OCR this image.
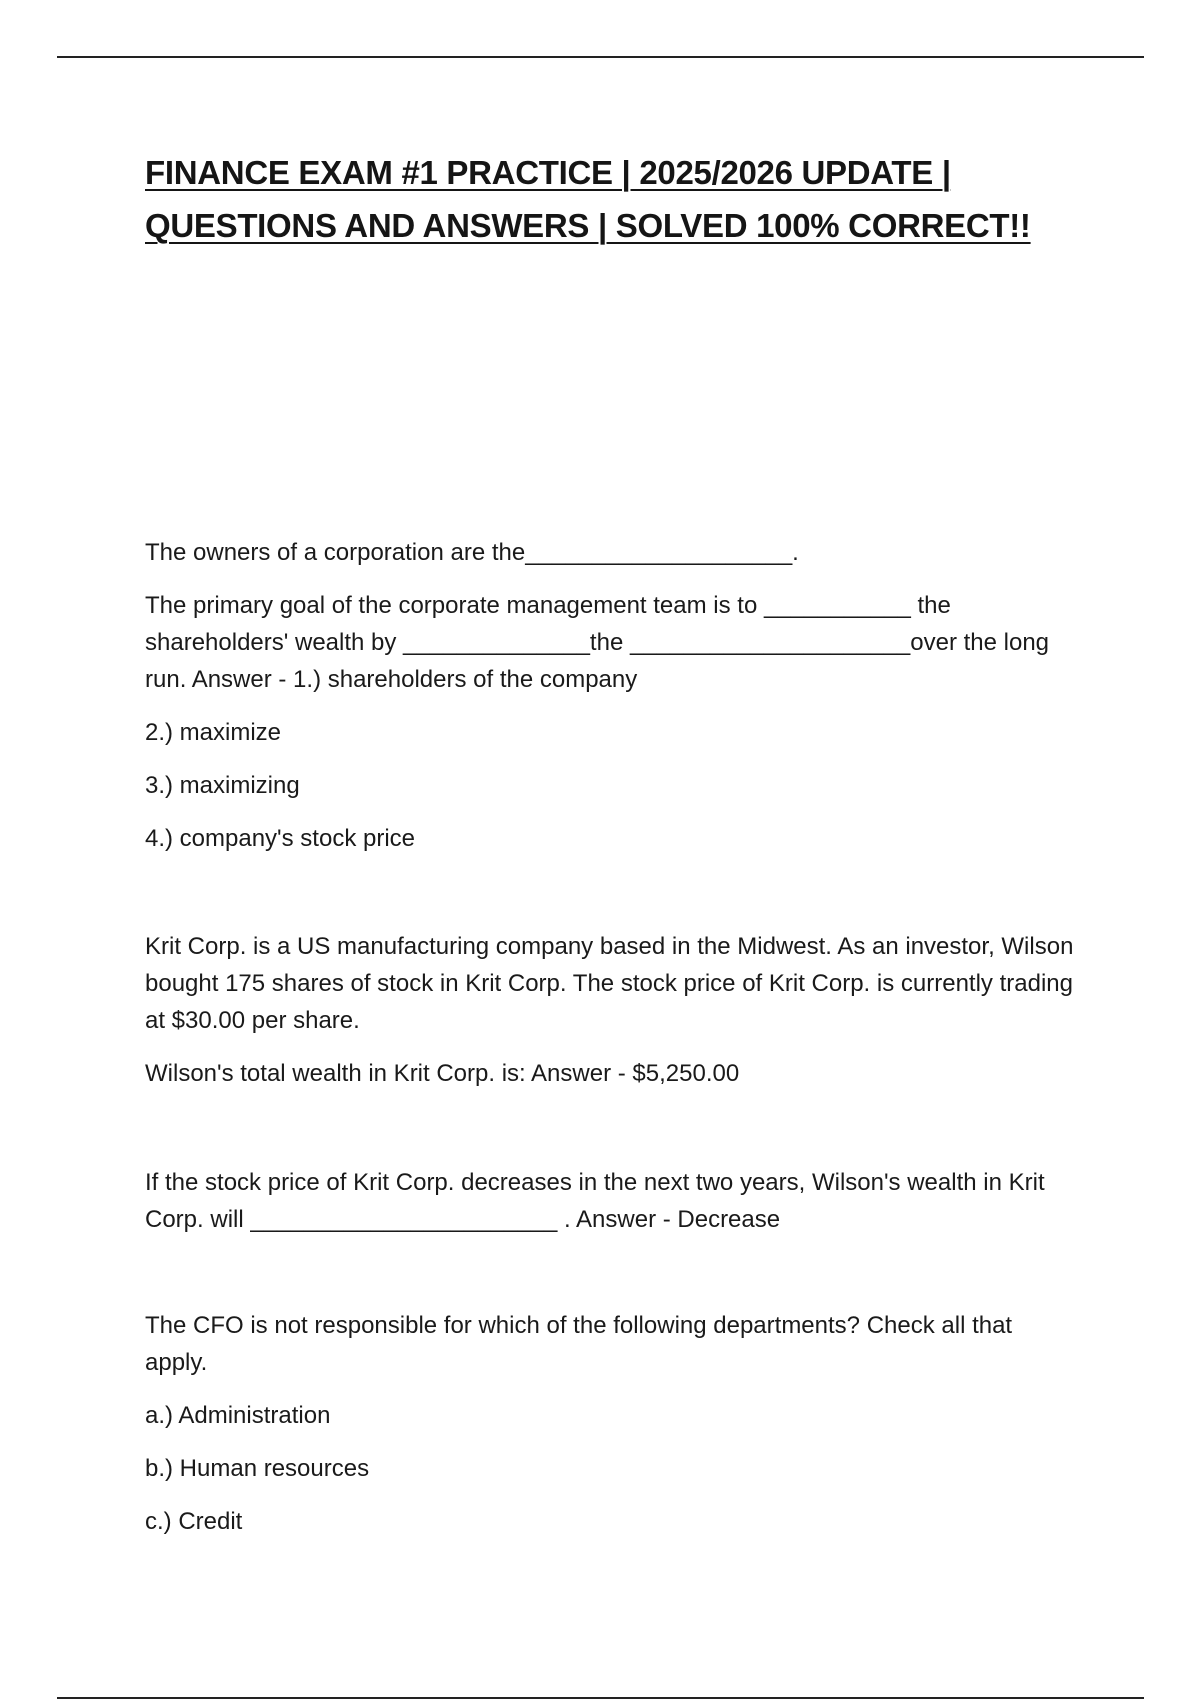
FINANCE EXAM #1 PRACTICE | 2025/2026 UPDATE | QUESTIONS AND ANSWERS | SOLVED 100% CORRECT!!

The owners of a corporation are the____________________.

The primary goal of the corporate management team is to ___________ the shareholders' wealth by ______________the _____________________over the long run. Answer - 1.) shareholders of the company

2.) maximize

3.) maximizing

4.) company's stock price

Krit Corp. is a US manufacturing company based in the Midwest. As an investor, Wilson bought 175 shares of stock in Krit Corp. The stock price of Krit Corp. is currently trading at $30.00 per share.

Wilson's total wealth in Krit Corp. is: Answer - $5,250.00

If the stock price of Krit Corp. decreases in the next two years, Wilson's wealth in Krit Corp. will _______________________ . Answer - Decrease

The CFO is not responsible for which of the following departments? Check all that apply.

a.) Administration

b.) Human resources

c.) Credit
